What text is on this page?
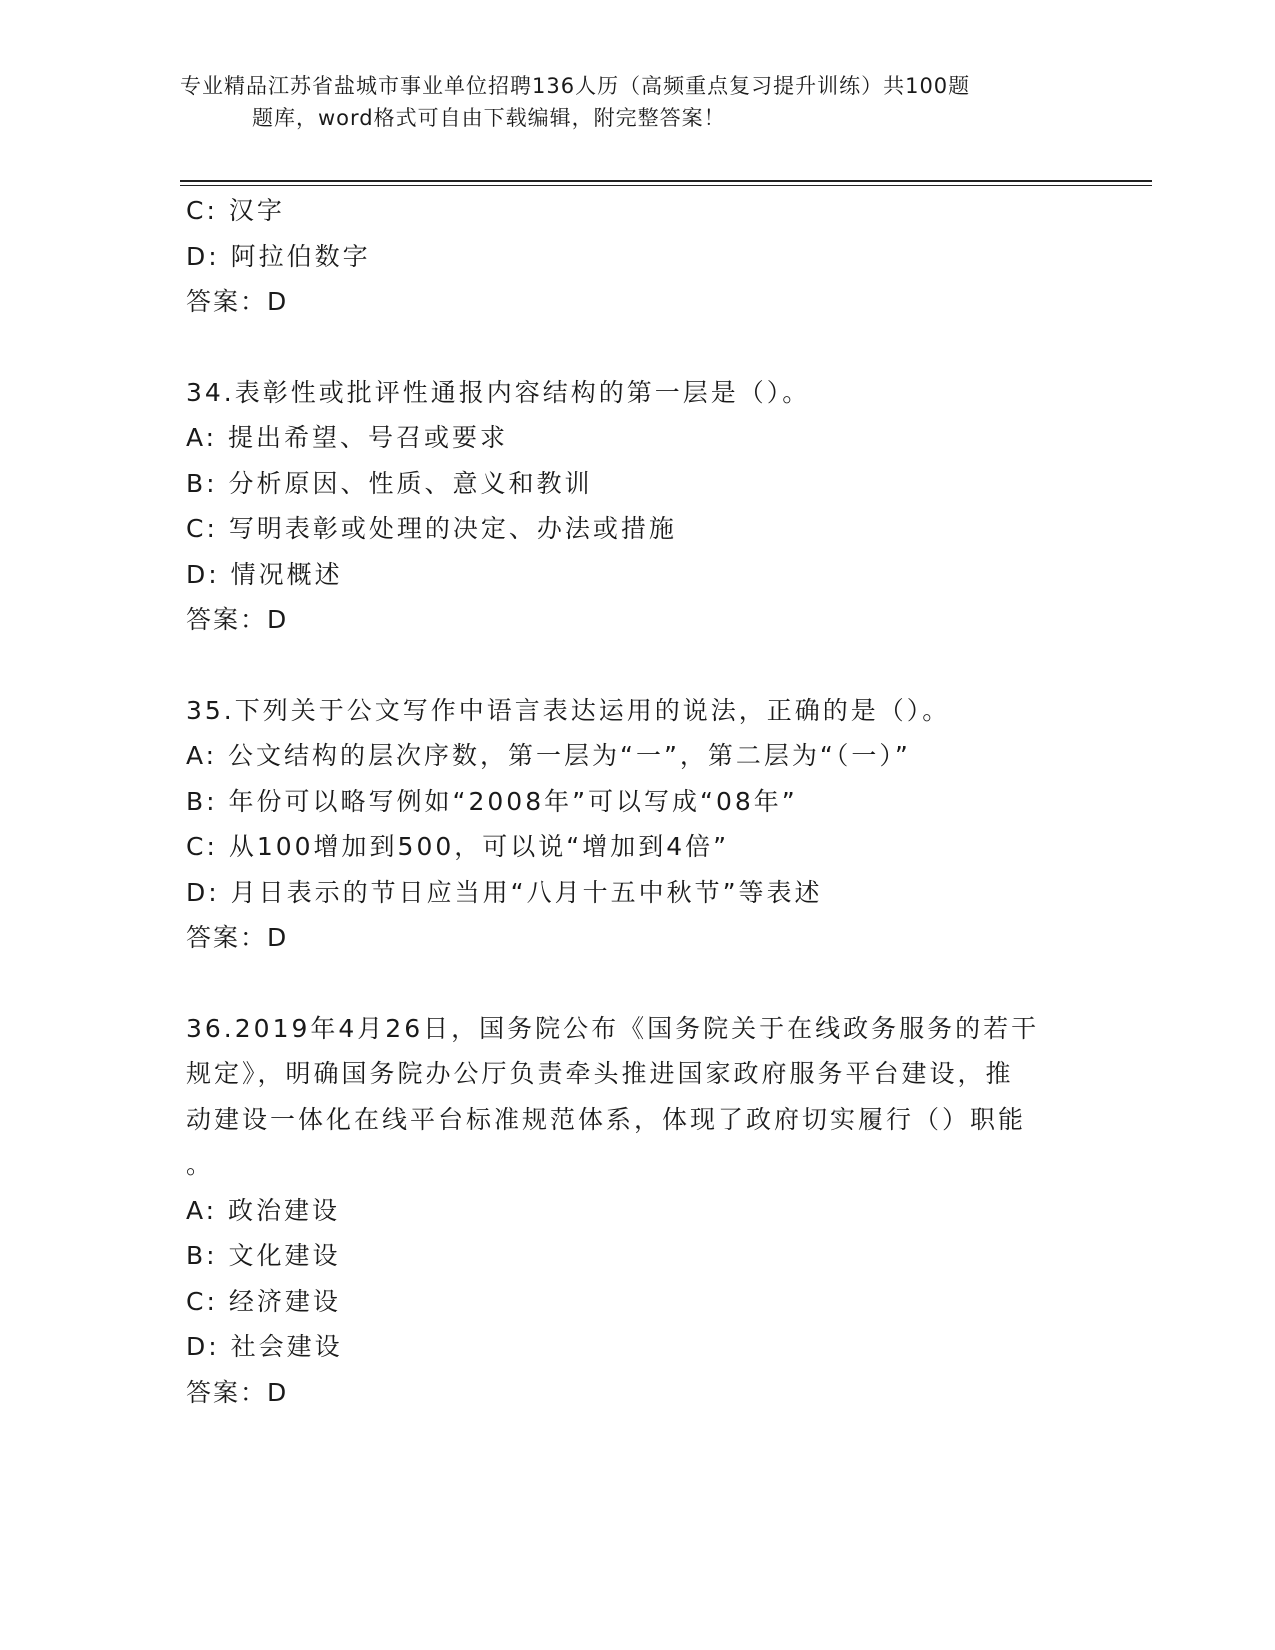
专业精品江苏省盐城市事业单位招聘136人历（高频重点复习提升训练）共100题
题库，word格式可自由下载编辑，附完整答案！
C: 汉字
D: 阿拉伯数字
答案：D
34.表彰性或批评性通报内容结构的第一层是（）。
A: 提出希望、号召或要求
B: 分析原因、性质、意义和教训
C: 写明表彰或处理的决定、办法或措施
D: 情况概述
答案：D
35.下列关于公文写作中语言表达运用的说法，正确的是（）。
A: 公文结构的层次序数，第一层为“一”，第二层为“（一）”
B: 年份可以略写例如“2008年”可以写成“08年”
C: 从100增加到500，可以说“增加到4倍”
D: 月日表示的节日应当用“八月十五中秋节”等表述
答案：D
36.2019年4月26日，国务院公布《国务院关于在线政务服务的若干
规定》，明确国务院办公厅负责牵头推进国家政府服务平台建设，推
动建设一体化在线平台标准规范体系，体现了政府切实履行（）职能
。
A: 政治建设
B: 文化建设
C: 经济建设
D: 社会建设
答案：D
